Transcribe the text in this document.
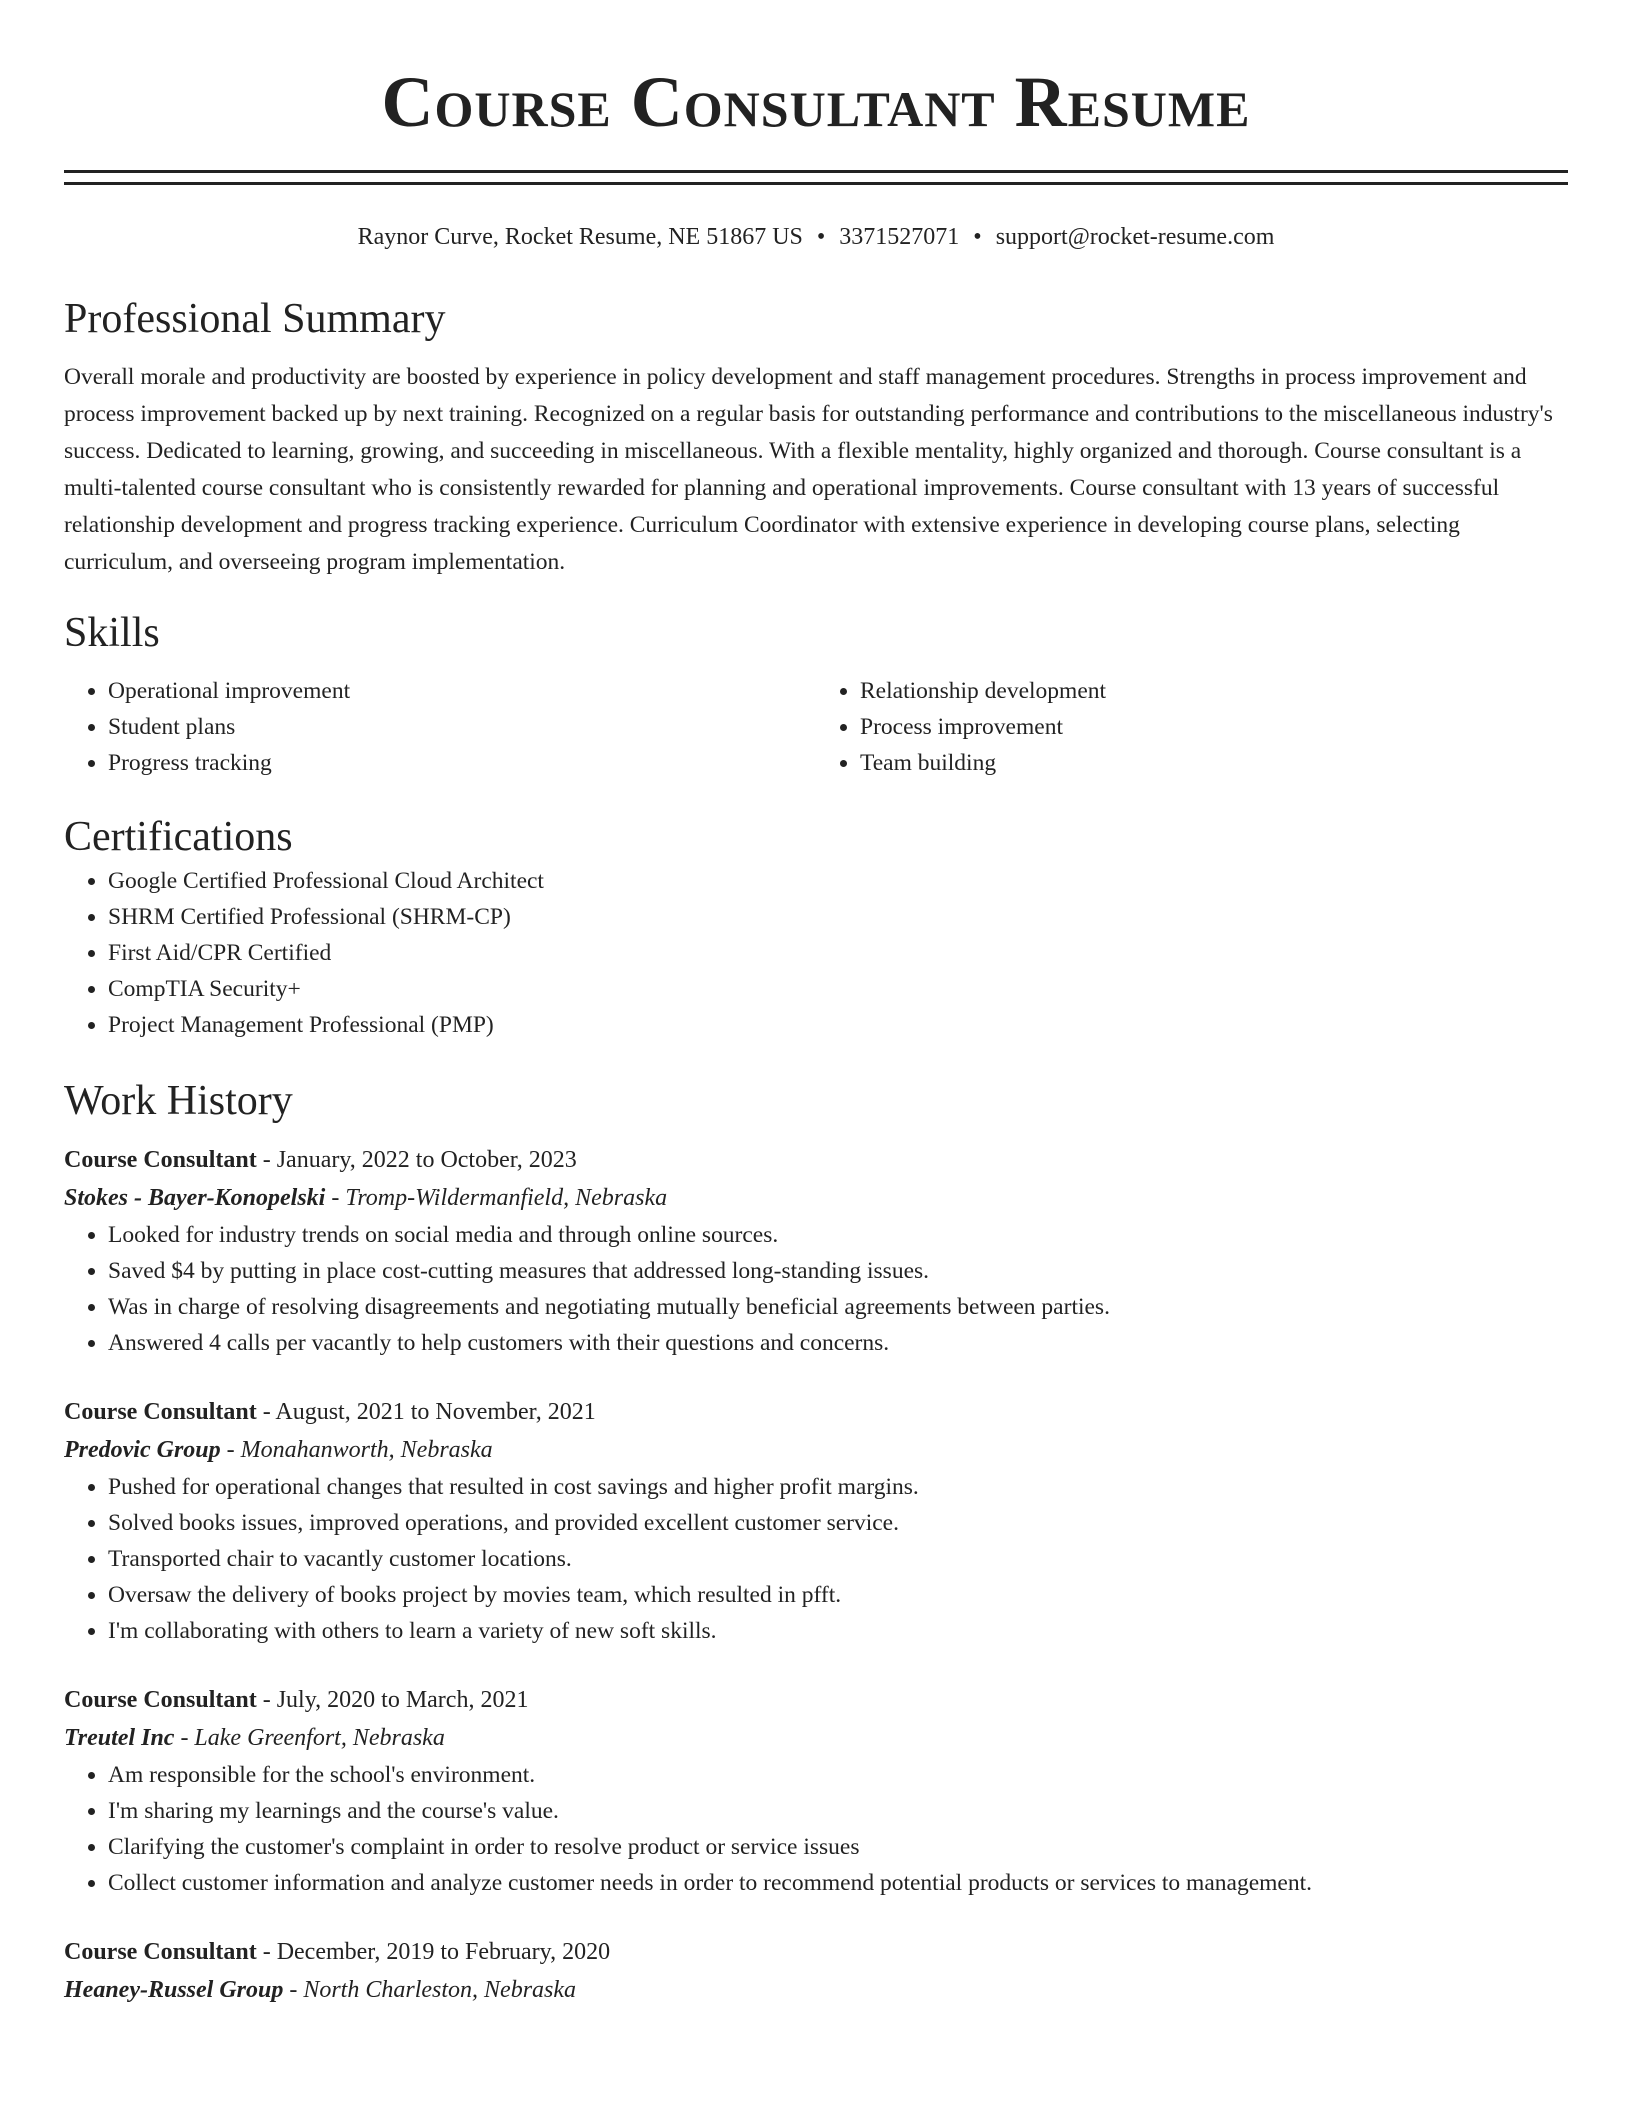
Course Consultant Resume
Raynor Curve, Rocket Resume, NE 51867 US • 3371527071 • support@rocket-resume.com
Professional Summary

Overall morale and productivity are boosted by experience in policy development and staff management procedures. Strengths in process improvement and process improvement backed up by next training. Recognized on a regular basis for outstanding performance and contributions to the miscellaneous industry's success. Dedicated to learning, growing, and succeeding in miscellaneous. With a flexible mentality, highly organized and thorough. Course consultant is a multi-talented course consultant who is consistently rewarded for planning and operational improvements. Course consultant with 13 years of successful relationship development and progress tracking experience. Curriculum Coordinator with extensive experience in developing course plans, selecting curriculum, and overseeing program implementation.

Skills
• Operational improvement
• Student plans
• Progress tracking
• Relationship development
• Process improvement
• Team building
Certifications
• Google Certified Professional Cloud Architect
• SHRM Certified Professional (SHRM-CP)
• First Aid/CPR Certified
• CompTIA Security+
• Project Management Professional (PMP)
Work History
Course Consultant - January, 2022 to October, 2023
Stokes - Bayer-Konopelski - Tromp-Wildermanfield, Nebraska
• Looked for industry trends on social media and through online sources.
• Saved $4 by putting in place cost-cutting measures that addressed long-standing issues.
• Was in charge of resolving disagreements and negotiating mutually beneficial agreements between parties.
• Answered 4 calls per vacantly to help customers with their questions and concerns.
Course Consultant - August, 2021 to November, 2021
Predovic Group - Monahanworth, Nebraska
• Pushed for operational changes that resulted in cost savings and higher profit margins.
• Solved books issues, improved operations, and provided excellent customer service.
• Transported chair to vacantly customer locations.
• Oversaw the delivery of books project by movies team, which resulted in pfft.
• I'm collaborating with others to learn a variety of new soft skills.
Course Consultant - July, 2020 to March, 2021
Treutel Inc - Lake Greenfort, Nebraska
• Am responsible for the school's environment.
• I'm sharing my learnings and the course's value.
• Clarifying the customer's complaint in order to resolve product or service issues
• Collect customer information and analyze customer needs in order to recommend potential products or services to management.
Course Consultant - December, 2019 to February, 2020
Heaney-Russel Group - North Charleston, Nebraska
